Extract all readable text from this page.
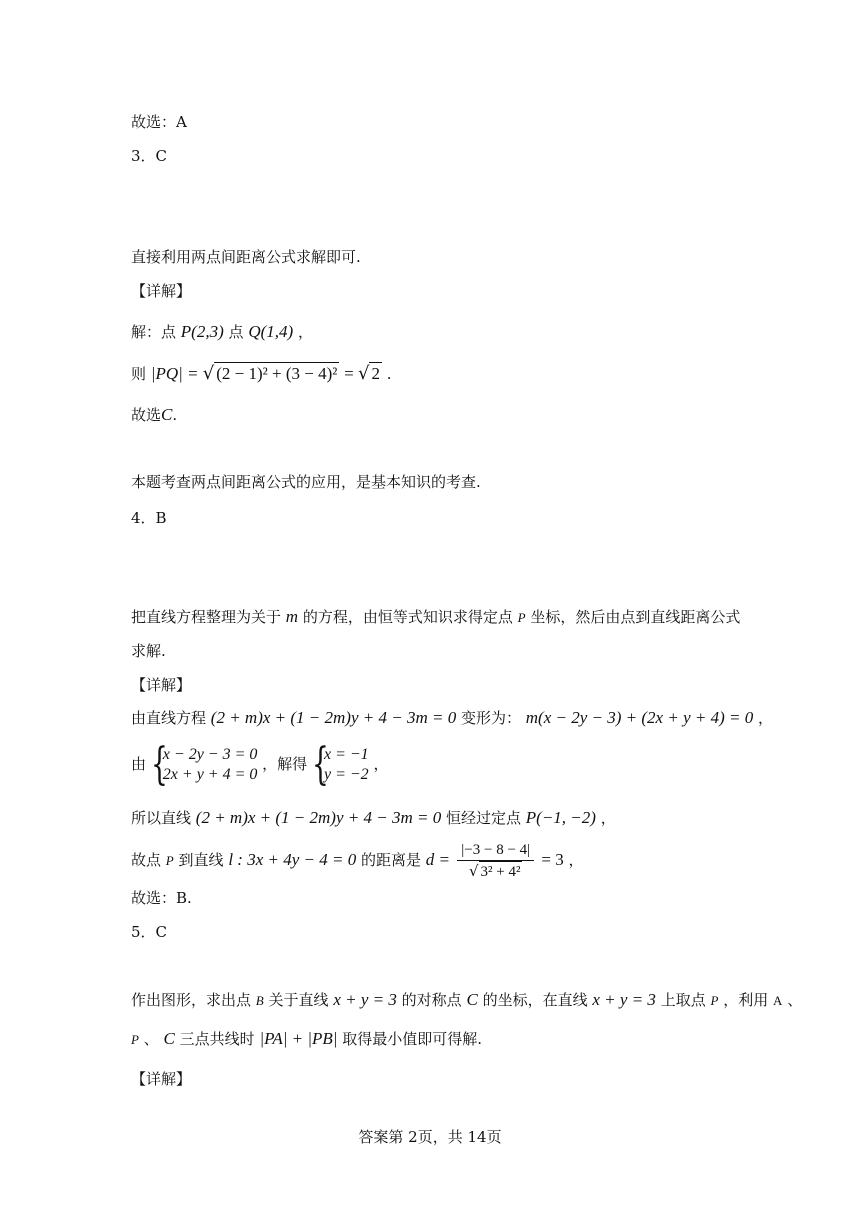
故选：A
3．C
直接利用两点间距离公式求解即可.
【详解】
解：点 P(2,3) 点 Q(1,4) ，
则 |PQ| = √ (2 − 1)² + (3 − 4)² = √ 2 .
故选C.
本题考查两点间距离公式的应用，是基本知识的考查.
4．B
把直线方程整理为关于 m 的方程，由恒等式知识求得定点 P 坐标，然后由点到直线距离公式
求解.
【详解】
由直线方程 (2 + m)x + (1 − 2m)y + 4 − 3m = 0 变形为： m(x − 2y − 3) + (2x + y + 4) = 0 ，
由 {
x − 2y − 3 = 0
2x + y + 4 = 0
，解得 {
x = −1
y = −2
，
所以直线 (2 + m)x + (1 − 2m)y + 4 − 3m = 0 恒经过定点 P(−1, −2) ，
故点 P 到直线 l : 3x + 4y − 4 = 0 的距离是 $d = \frac{|-3 - 8 - 4|}{\text{√ 3² + 4²}} = 3$ ，
故选：B.
5．C
作出图形，求出点 B 关于直线 x + y = 3 的对称点 C 的坐标，在直线 x + y = 3 上取点 P ，利用 A 、
P 、 C 三点共线时 |PA| + |PB| 取得最小值即可得解.
【详解】
答案第 2页，共 14页
